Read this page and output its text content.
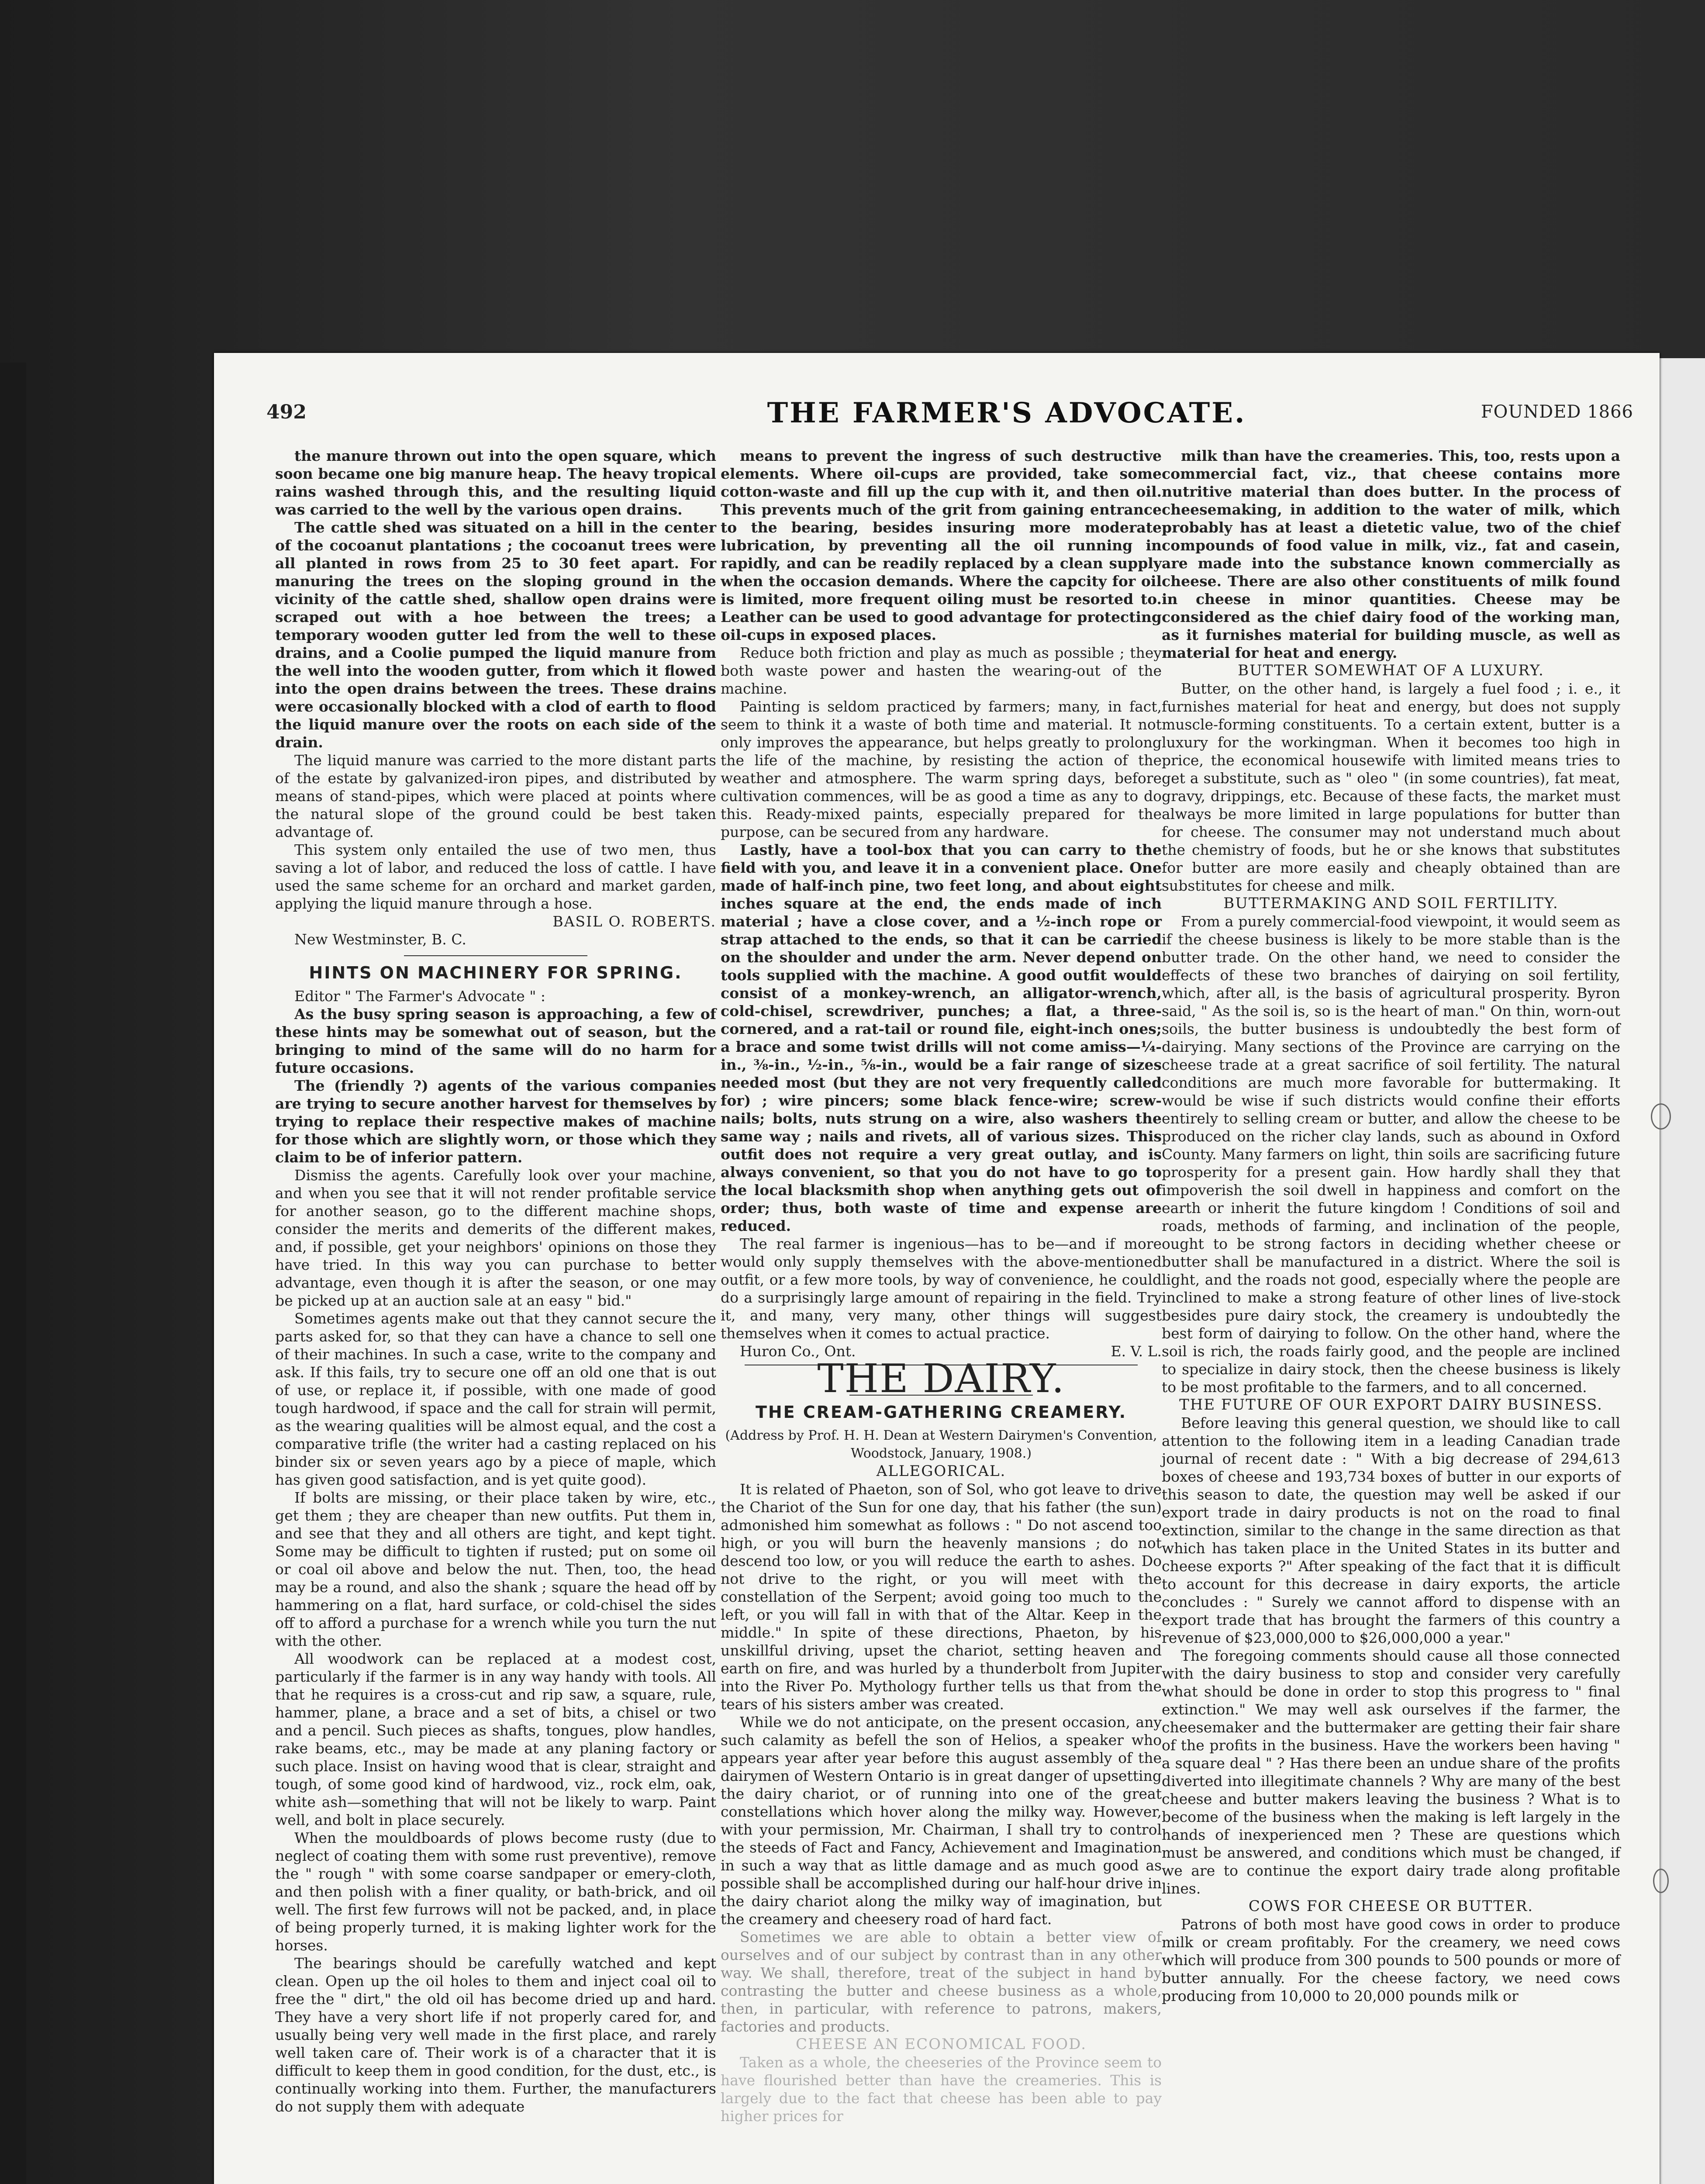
492	THE FARMER'S ADVOCATE.	FOUNDED 1866

the manure thrown out into the open square, which soon became one big manure heap. The heavy tropical rains washed through this, and the resulting liquid was carried to the well by the various open drains.

The cattle shed was situated on a hill in the center of the cocoanut plantations ; the cocoanut trees were all planted in rows from 25 to 30 feet apart. For manuring the trees on the sloping ground in the vicinity of the cattle shed, shallow open drains were scraped out with a hoe between the trees; a temporary wooden gutter led from the well to these drains, and a Coolie pumped the liquid manure from the well into the wooden gutter, from which it flowed into the open drains between the trees. These drains were occasionally blocked with a clod of earth to flood the liquid manure over the roots on each side of the drain.

The liquid manure was carried to the more distant parts of the estate by galvanized-iron pipes, and distributed by means of stand-pipes, which were placed at points where the natural slope of the ground could be best taken advantage of.

This system only entailed the use of two men, thus saving a lot of labor, and reduced the loss of cattle. I have used the same scheme for an orchard and market garden, applying the liquid manure through a hose.

BASIL O. ROBERTS.

New Westminster, B. C.

HINTS ON MACHINERY FOR SPRING.

Editor " The Farmer's Advocate " :

As the busy spring season is approaching, a few of these hints may be somewhat out of season, but the bringing to mind of the same will do no harm for future occasions.

The (friendly ?) agents of the various companies are trying to secure another harvest for themselves by trying to replace their respective makes of machine for those which are slightly worn, or those which they claim to be of inferior pattern.

Dismiss the agents. Carefully look over your machine, and when you see that it will not render profitable service for another season, go to the different machine shops, consider the merits and demerits of the different makes, and, if possible, get your neighbors' opinions on those they have tried. In this way you can purchase to better advantage, even though it is after the season, or one may be picked up at an auction sale at an easy " bid."

Sometimes agents make out that they cannot secure the parts asked for, so that they can have a chance to sell one of their machines. In such a case, write to the company and ask. If this fails, try to secure one off an old one that is out of use, or replace it, if possible, with one made of good tough hardwood, if space and the call for strain will permit, as the wearing qualities will be almost equal, and the cost a comparative trifle (the writer had a casting replaced on his binder six or seven years ago by a piece of maple, which has given good satisfaction, and is yet quite good).

If bolts are missing, or their place taken by wire, etc., get them ; they are cheaper than new outfits. Put them in, and see that they and all others are tight, and kept tight. Some may be difficult to tighten if rusted; put on some oil or coal oil above and below the nut. Then, too, the head may be a round, and also the shank ; square the head off by hammering on a flat, hard surface, or cold-chisel the sides off to afford a purchase for a wrench while you turn the nut with the other.

All woodwork can be replaced at a modest cost, particularly if the farmer is in any way handy with tools. All that he requires is a cross-cut and rip saw, a square, rule, hammer, plane, a brace and a set of bits, a chisel or two and a pencil. Such pieces as shafts, tongues, plow handles, rake beams, etc., may be made at any planing factory or such place. Insist on having wood that is clear, straight and tough, of some good kind of hardwood, viz., rock elm, oak, white ash—something that will not be likely to warp. Paint well, and bolt in place securely.

When the mouldboards of plows become rusty (due to neglect of coating them with some rust preventive), remove the " rough " with some coarse sandpaper or emery-cloth, and then polish with a finer quality, or bath-brick, and oil well. The first few furrows will not be packed, and, in place of being properly turned, it is making lighter work for the horses.

The bearings should be carefully watched and kept clean. Open up the oil holes to them and inject coal oil to free the " dirt," the old oil has become dried up and hard. They have a very short life if not properly cared for, and usually being very well made in the first place, and rarely well taken care of. Their work is of a character that it is difficult to keep them in good condition, for the dust, etc., is continually working into them. Further, the manufacturers do not supply them with adequate

means to prevent the ingress of such destructive elements. Where oil-cups are provided, take some cotton-waste and fill up the cup with it, and then oil. This prevents much of the grit from gaining entrance to the bearing, besides insuring more moderate lubrication, by preventing all the oil running in rapidly, and can be readily replaced by a clean supply when the occasion demands. Where the capcity for oil is limited, more frequent oiling must be resorted to. Leather can be used to good advantage for protecting oil-cups in exposed places.

Reduce both friction and play as much as possible ; they both waste power and hasten the wearing-out of the machine.

Painting is seldom practiced by farmers; many, in fact, seem to think it a waste of both time and material. It not only improves the appearance, but helps greatly to prolong the life of the machine, by resisting the action of the weather and atmosphere. The warm spring days, before cultivation commences, will be as good a time as any to do this. Ready-mixed paints, especially prepared for the purpose, can be secured from any hardware.

Lastly, have a tool-box that you can carry to the field with you, and leave it in a convenient place. One made of half-inch pine, two feet long, and about eight inches square at the end, the ends made of inch material ; have a close cover, and a ½-inch rope or strap attached to the ends, so that it can be carried on the shoulder and under the arm. Never depend on tools supplied with the machine. A good outfit would consist of a monkey-wrench, an alligator-wrench, cold-chisel, screwdriver, punches; a flat, a three-cornered, and a rat-tail or round file, eight-inch ones; a brace and some twist drills will not come amiss—¼-in., ⅜-in., ½-in., ⅝-in., would be a fair range of sizes needed most (but they are not very frequently called for) ; wire pincers; some black fence-wire; screw-nails; bolts, nuts strung on a wire, also washers the same way ; nails and rivets, all of various sizes. This outfit does not require a very great outlay, and is always convenient, so that you do not have to go to the local blacksmith shop when anything gets out of order; thus, both waste of time and expense are reduced.

The real farmer is ingenious—has to be—and if more would only supply themselves with the above-mentioned outfit, or a few more tools, by way of convenience, he could do a surprisingly large amount of repairing in the field. Try it, and many, very many, other things will suggest themselves when it comes to actual practice.

Huron Co., Ont.	E. V. L.
THE DAIRY.
THE CREAM-GATHERING CREAMERY.

(Address by Prof. H. H. Dean at Western Dairymen's Convention, Woodstock, January, 1908.)

ALLEGORICAL.

It is related of Phaeton, son of Sol, who got leave to drive the Chariot of the Sun for one day, that his father (the sun) admonished him somewhat as follows : " Do not ascend too high, or you will burn the heavenly mansions ; do not descend too low, or you will reduce the earth to ashes. Do not drive to the right, or you will meet with the constellation of the Serpent; avoid going too much to the left, or you will fall in with that of the Altar. Keep in the middle." In spite of these directions, Phaeton, by his unskillful driving, upset the chariot, setting heaven and earth on fire, and was hurled by a thunderbolt from Jupiter into the River Po. Mythology further tells us that from the tears of his sisters amber was created.

While we do not anticipate, on the present occasion, any such calamity as befell the son of Helios, a speaker who appears year after year before this august assembly of the dairymen of Western Ontario is in great danger of upsetting the dairy chariot, or of running into one of the great constellations which hover along the milky way. However, with your permission, Mr. Chairman, I shall try to control the steeds of Fact and Fancy, Achievement and Imagination in such a way that as little damage and as much good as possible shall be accomplished during our half-hour drive in the dairy chariot along the milky way of imagination, but the creamery and cheesery road of hard fact.

Sometimes we are able to obtain a better view of ourselves and of our subject by contrast than in any other way. We shall, therefore, treat of the subject in hand by contrasting the butter and cheese business as a whole, then, in particular, with reference to patrons, makers, factories and products.

CHEESE AN ECONOMICAL FOOD.

Taken as a whole, the cheeseries of the Province seem to have flourished better than have the creameries. This is largely due to the fact that cheese has been able to pay higher prices for

milk than have the creameries. This, too, rests upon a commercial fact, viz., that cheese contains more nutritive material than does butter. In the process of cheesemaking, in addition to the water of milk, which probably has at least a dietetic value, two of the chief compounds of food value in milk, viz., fat and casein, are made into the substance known commercially as cheese. There are also other constituents of milk found in cheese in minor quantities. Cheese may be considered as the chief dairy food of the working man, as it furnishes material for building muscle, as well as material for heat and energy.

BUTTER SOMEWHAT OF A LUXURY.

Butter, on the other hand, is largely a fuel food ; i. e., it furnishes material for heat and energy, but does not supply muscle-forming constituents. To a certain extent, butter is a luxury for the workingman. When it becomes too high in price, the economical housewife with limited means tries to get a substitute, such as " oleo " (in some countries), fat meat, gravy, drippings, etc. Because of these facts, the market must always be more limited in large populations for butter than for cheese. The consumer may not understand much about the chemistry of foods, but he or she knows that substitutes for butter are more easily and cheaply obtained than are substitutes for cheese and milk.

BUTTERMAKING AND SOIL FERTILITY.

From a purely commercial-food viewpoint, it would seem as if the cheese business is likely to be more stable than is the butter trade. On the other hand, we need to consider the effects of these two branches of dairying on soil fertility, which, after all, is the basis of agricultural prosperity. Byron said, " As the soil is, so is the heart of man." On thin, worn-out soils, the butter business is undoubtedly the best form of dairying. Many sections of the Province are carrying on the cheese trade at a great sacrifice of soil fertility. The natural conditions are much more favorable for buttermaking. It would be wise if such districts would confine their efforts entirely to selling cream or butter, and allow the cheese to be produced on the richer clay lands, such as abound in Oxford County. Many farmers on light, thin soils are sacrificing future prosperity for a present gain. How hardly shall they that impoverish the soil dwell in happiness and comfort on the earth or inherit the future kingdom ! Conditions of soil and roads, methods of farming, and inclination of the people, ought to be strong factors in deciding whether cheese or butter shall be manufactured in a district. Where the soil is light, and the roads not good, especially where the people are inclined to make a strong feature of other lines of live-stock besides pure dairy stock, the creamery is undoubtedly the best form of dairying to follow. On the other hand, where the soil is rich, the roads fairly good, and the people are inclined to specialize in dairy stock, then the cheese business is likely to be most profitable to the farmers, and to all concerned.

THE FUTURE OF OUR EXPORT DAIRY BUSINESS.

Before leaving this general question, we should like to call attention to the following item in a leading Canadian trade journal of recent date : " With a big decrease of 294,613 boxes of cheese and 193,734 boxes of butter in our exports of this season to date, the question may well be asked if our export trade in dairy products is not on the road to final extinction, similar to the change in the same direction as that which has taken place in the United States in its butter and cheese exports ?" After speaking of the fact that it is difficult to account for this decrease in dairy exports, the article concludes : " Surely we cannot afford to dispense with an export trade that has brought the farmers of this country a revenue of $23,000,000 to $26,000,000 a year."

The foregoing comments should cause all those connected with the dairy business to stop and consider very carefully what should be done in order to stop this progress to " final extinction." We may well ask ourselves if the farmer, the cheesemaker and the buttermaker are getting their fair share of the profits in the business. Have the workers been having " a square deal " ? Has there been an undue share of the profits diverted into illegitimate channels ? Why are many of the best cheese and butter makers leaving the business ? What is to become of the business when the making is left largely in the hands of inexperienced men ? These are questions which must be answered, and conditions which must be changed, if we are to continue the export dairy trade along profitable lines.

COWS FOR CHEESE OR BUTTER.

Patrons of both most have good cows in order to produce milk or cream profitably. For the creamery, we need cows which will produce from 300 pounds to 500 pounds or more of butter annually. For the cheese factory, we need cows producing from 10,000 to 20,000 pounds milk or
